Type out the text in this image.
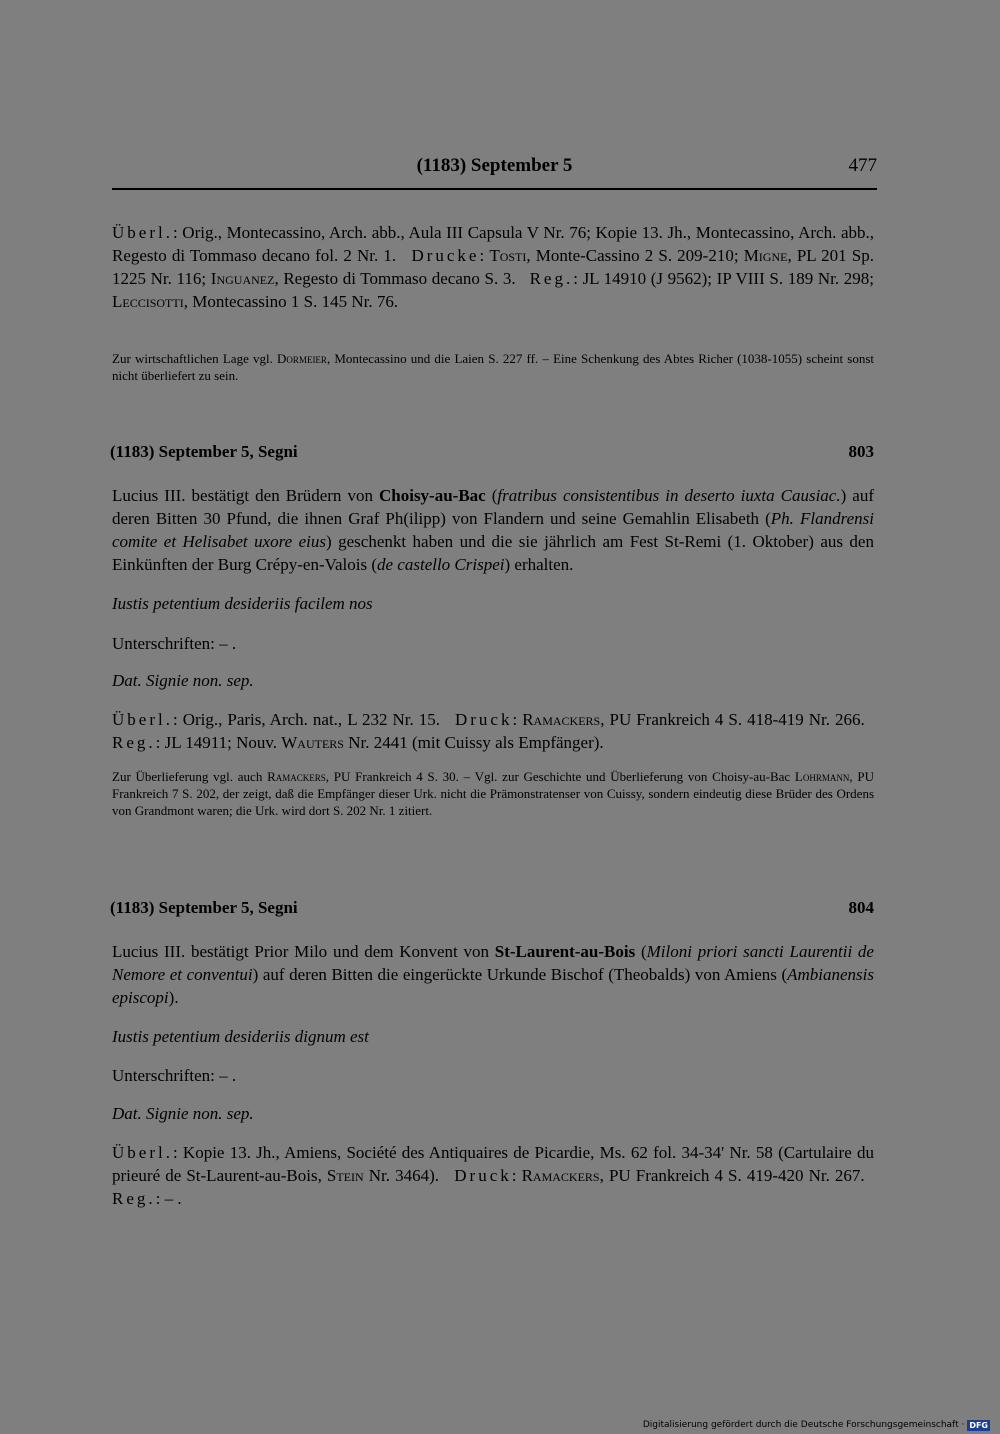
(1183) September 5	477

Überl.: Orig., Montecassino, Arch. abb., Aula III Capsula V Nr. 76; Kopie 13. Jh., Montecassino, Arch. abb., Regesto di Tommaso decano fol. 2 Nr. 1. Drucke: Tosti, Monte-Cassino 2 S. 209-210; Migne, PL 201 Sp. 1225 Nr. 116; Inguanez, Regesto di Tommaso decano S. 3. Reg.: JL 14910 (J 9562); IP VIII S. 189 Nr. 298; Leccisotti, Montecassino 1 S. 145 Nr. 76.

Zur wirtschaftlichen Lage vgl. Dormeier, Montecassino und die Laien S. 227 ff. – Eine Schenkung des Abtes Richer (1038-1055) scheint sonst nicht überliefert zu sein.

(1183) September 5, Segni	803

Lucius III. bestätigt den Brüdern von Choisy-au-Bac (fratribus consistentibus in deserto iuxta Causiac.) auf deren Bitten 30 Pfund, die ihnen Graf Ph(ilipp) von Flandern und seine Gemahlin Elisabeth (Ph. Flandrensi comite et Helisabet uxore eius) geschenkt haben und die sie jährlich am Fest St-Remi (1. Oktober) aus den Einkünften der Burg Crépy-en-Valois (de castello Crispei) erhalten.

Iustis petentium desideriis facilem nos
Unterschriften: – .
Dat. Signie non. sep.

Überl.: Orig., Paris, Arch. nat., L 232 Nr. 15. Druck: Ramackers, PU Frankreich 4 S. 418-419 Nr. 266.   Reg.: JL 14911; Nouv. Wauters Nr. 2441 (mit Cuissy als Empfänger).

Zur Überlieferung vgl. auch Ramackers, PU Frankreich 4 S. 30. – Vgl. zur Geschichte und Überlieferung von Choisy-au-Bac Lohrmann, PU Frankreich 7 S. 202, der zeigt, daß die Empfänger dieser Urk. nicht die Prämonstratenser von Cuissy, sondern eindeutig diese Brüder des Ordens von Grandmont waren; die Urk. wird dort S. 202 Nr. 1 zitiert.

(1183) September 5, Segni	804

Lucius III. bestätigt Prior Milo und dem Konvent von St-Laurent-au-Bois (Miloni priori sancti Laurentii de Nemore et conventui) auf deren Bitten die eingerückte Urkunde Bischof (Theobalds) von Amiens (Ambianensis episcopi).

Iustis petentium desideriis dignum est
Unterschriften: – .
Dat. Signie non. sep.

Überl.: Kopie 13. Jh., Amiens, Société des Antiquaires de Picardie, Ms. 62 fol. 34-34' Nr. 58 (Cartulaire du prieuré de St-Laurent-au-Bois, Stein Nr. 3464). Druck: Ramackers, PU Frankreich 4 S. 419-420 Nr. 267.   Reg.: – .

Digitalisierung gefördert durch die Deutsche Forschungsgemeinschaft · DFG
